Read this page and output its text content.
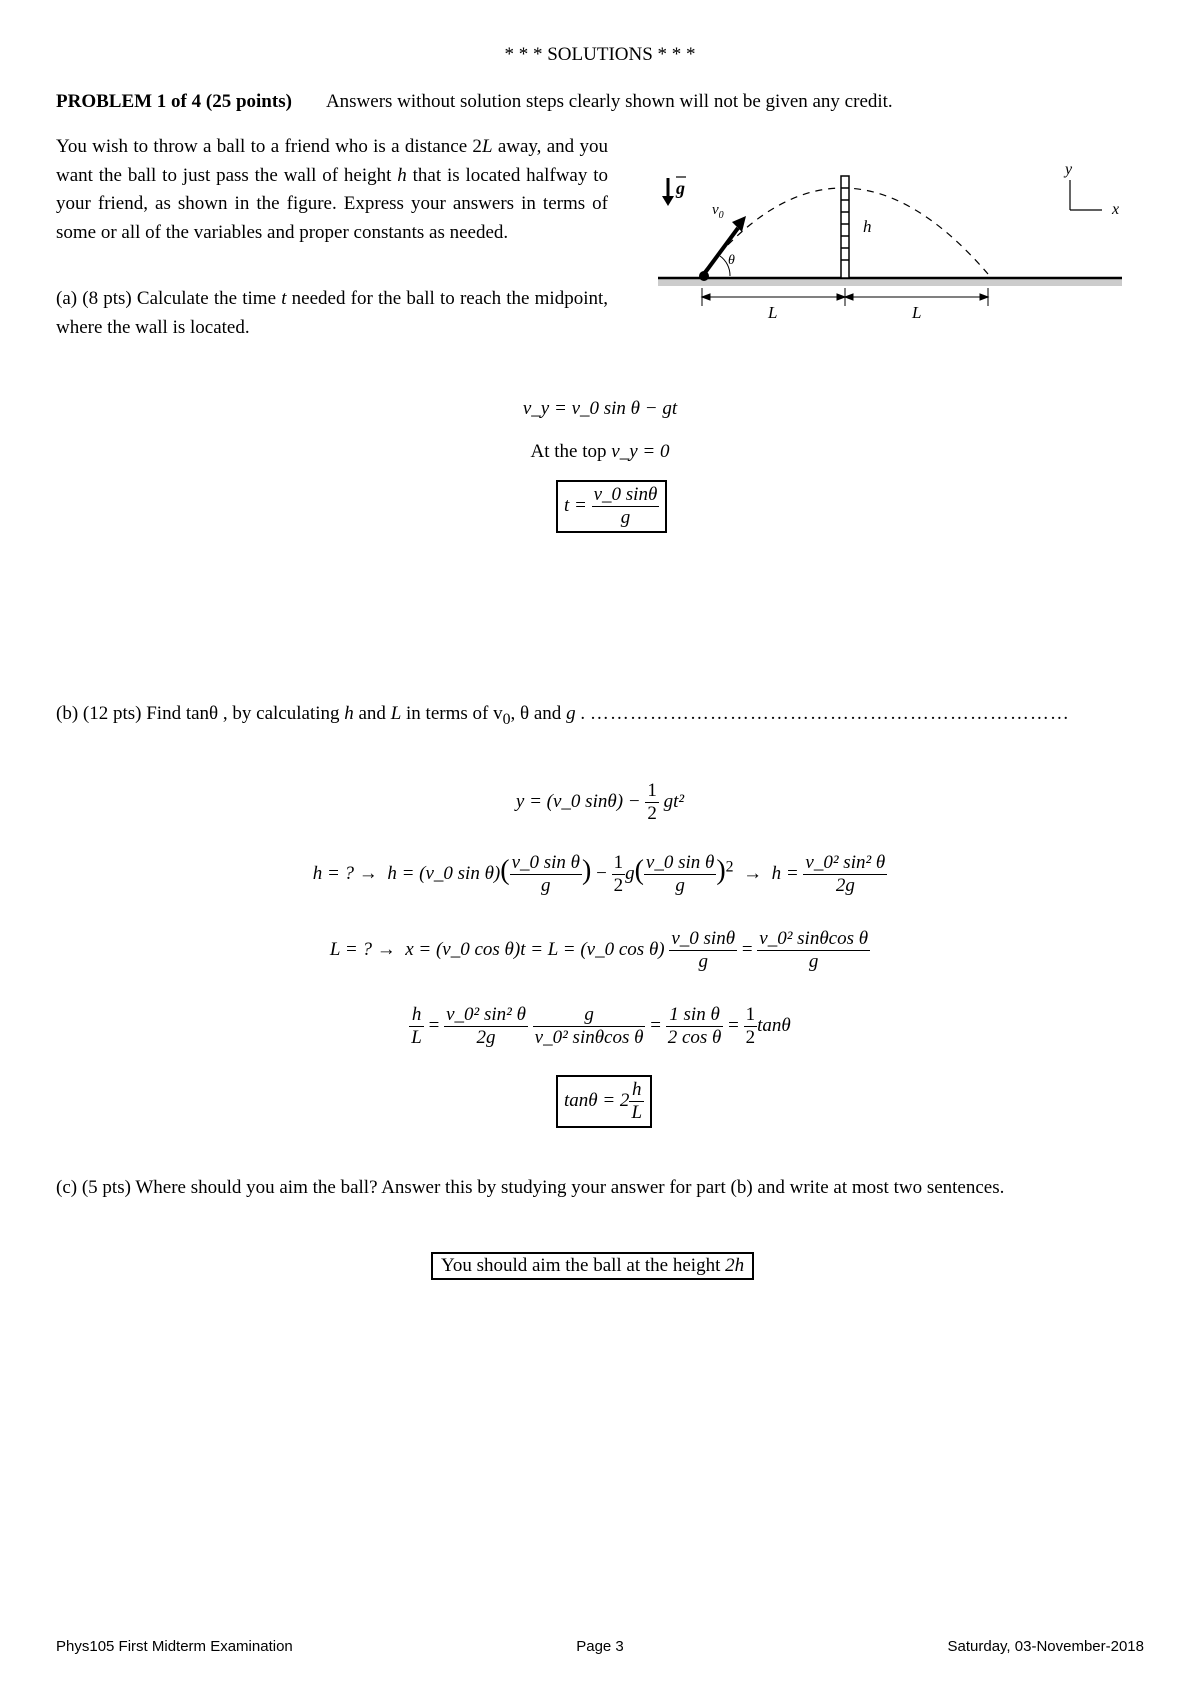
* * * SOLUTIONS * * *
PROBLEM 1 of 4 (25 points) Answers without solution steps clearly shown will not be given any credit.
You wish to throw a ball to a friend who is a distance 2L away, and you want the ball to just pass the wall of height h that is located halfway to your friend, as shown in the figure. Express your answers in terms of some or all of the variables and proper constants as needed.
(a) (8 pts) Calculate the time t needed for the ball to reach the midpoint, where the wall is located.
g
h
$v_0$
θ
L	L
y
x
v_y = v_0 sin θ − gt
At the top v_y = 0
$t = \frac{v\_0 \sin\theta}{g}$
(b) (12 pts) Find tanθ , by calculating h and L in terms of $v_0$, θ and g . ………………………………………………………………
y = (v_0 $\sin\theta) - \frac{1}{2} gt^2$
h = ? → h = (v_0 $\sin \theta)( \frac{\text{v\_0 sin θ}}{g}$ ) − $\frac{1}{2} g( \frac{\text{v\_0 sin θ}}{g} )^2 \to h = \frac{\text{v\_0² sin² θ}}{2g}$
L = ? → x = (v_0 cos θ)t = L = (v_0 $\cos \theta) \frac{v\_0 \sin\theta}{g} = \frac{\text{v\_0² sinθcos θ}}{g}$
$\frac{h}{L} = \frac{\text{v\_0² sin² θ}}{2g}$
$\frac{g}{\text{v\_0² sinθcos θ}} = \frac{\text{1 sin θ}}{\text{2 cos θ}} = \frac{1}{2}$ tanθ
$\tan\theta = 2 \frac{h}{L}$
(c) (5 pts) Where should you aim the ball? Answer this by studying your answer for part (b) and write at most two sentences.
You should aim the ball at the height 2h
Phys105 First Midterm Examination	Page 3	Saturday, 03-November-2018
